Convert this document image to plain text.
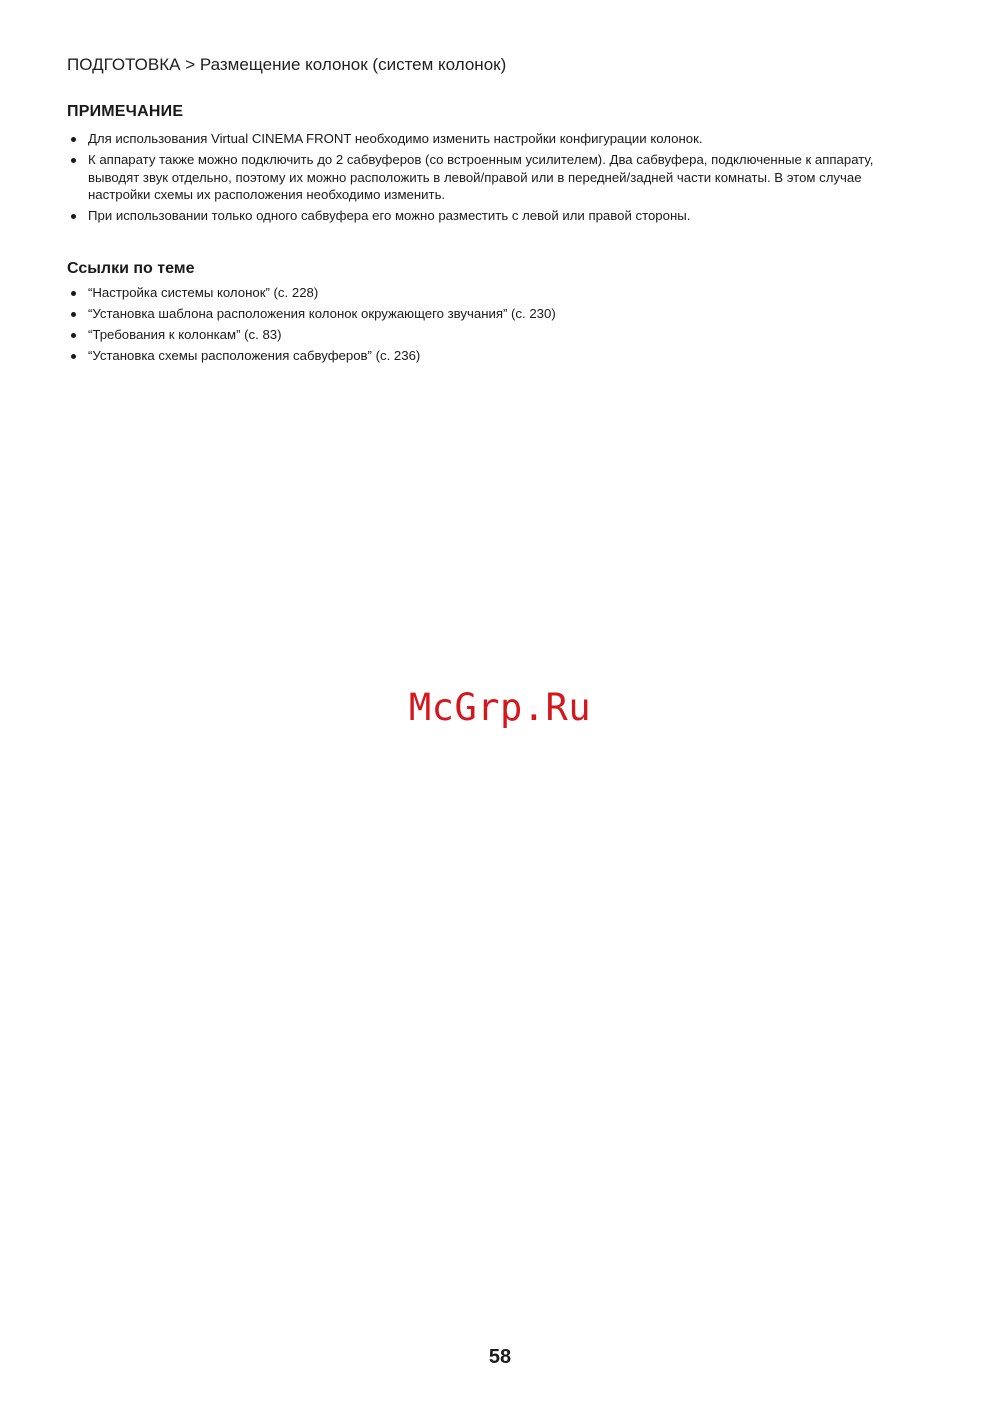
ПОДГОТОВКА > Размещение колонок (систем колонок)
ПРИМЕЧАНИЕ
Для использования Virtual CINEMA FRONT необходимо изменить настройки конфигурации колонок.
К аппарату также можно подключить до 2 сабвуферов (со встроенным усилителем). Два сабвуфера, подключенные к аппарату, выводят звук отдельно, поэтому их можно расположить в левой/правой или в передней/задней части комнаты. В этом случае настройки схемы их расположения необходимо изменить.
При использовании только одного сабвуфера его можно разместить с левой или правой стороны.
Ссылки по теме
“Настройка системы колонок” (с. 228)
“Установка шаблона расположения колонок окружающего звучания” (с. 230)
“Требования к колонкам” (с. 83)
“Установка схемы расположения сабвуферов” (с. 236)
McGrp.Ru
58
